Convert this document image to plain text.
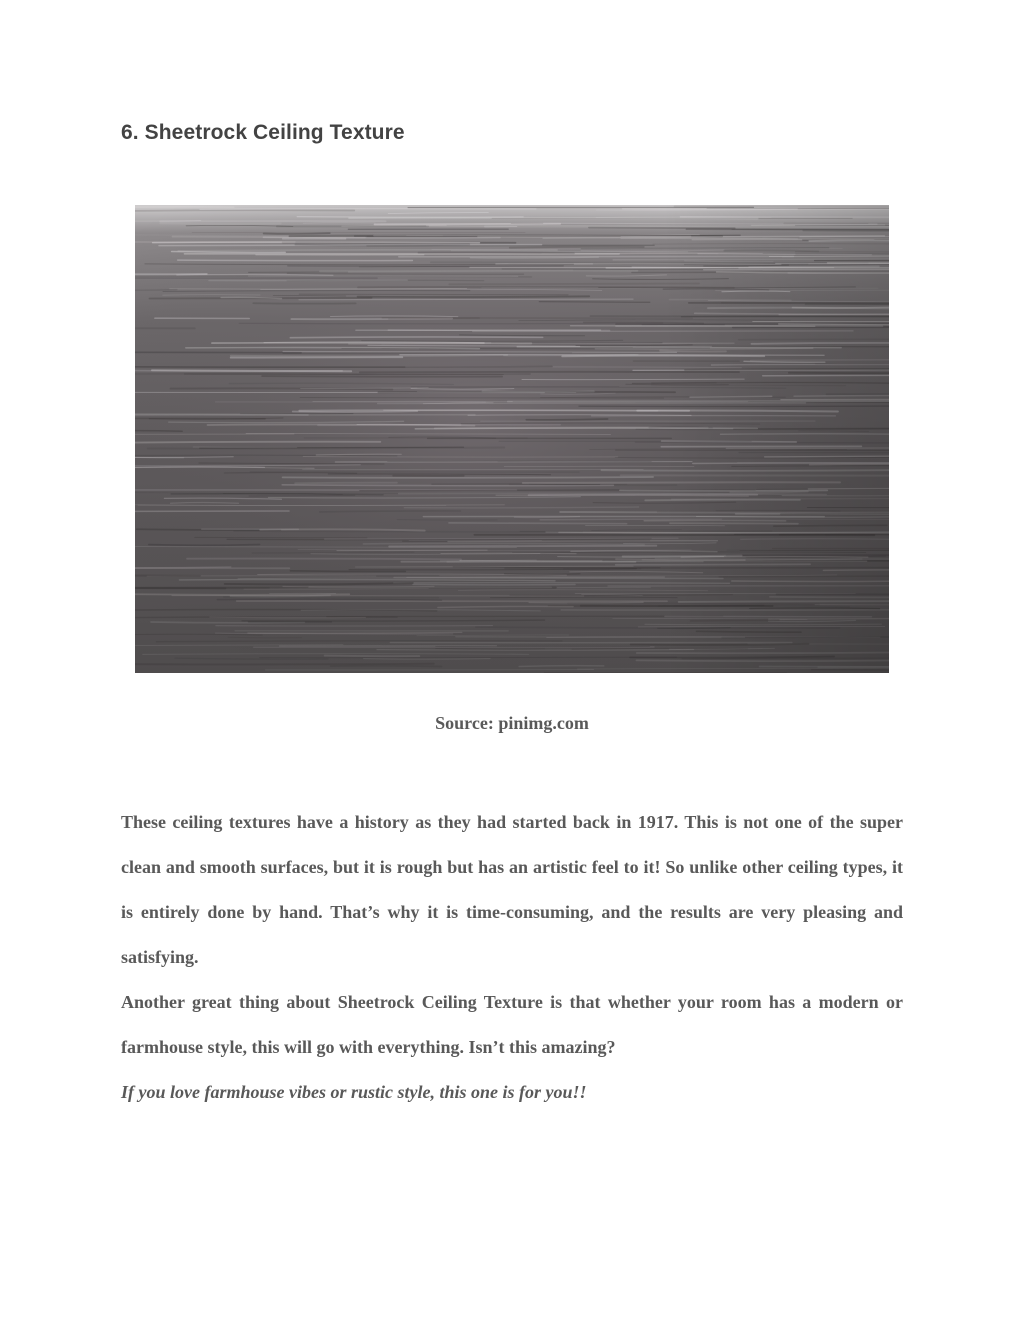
6. Sheetrock Ceiling Texture
Source: pinimg.com

These ceiling textures have a history as they had started back in 1917. This is not one of the super clean and smooth surfaces, but it is rough but has an artistic feel to it! So unlike other ceiling types, it is entirely done by hand. That’s why it is time-consuming, and the results are very pleasing and satisfying.

Another great thing about Sheetrock Ceiling Texture is that whether your room has a modern or farmhouse style, this will go with everything. Isn’t this amazing?

If you love farmhouse vibes or rustic style, this one is for you!!
